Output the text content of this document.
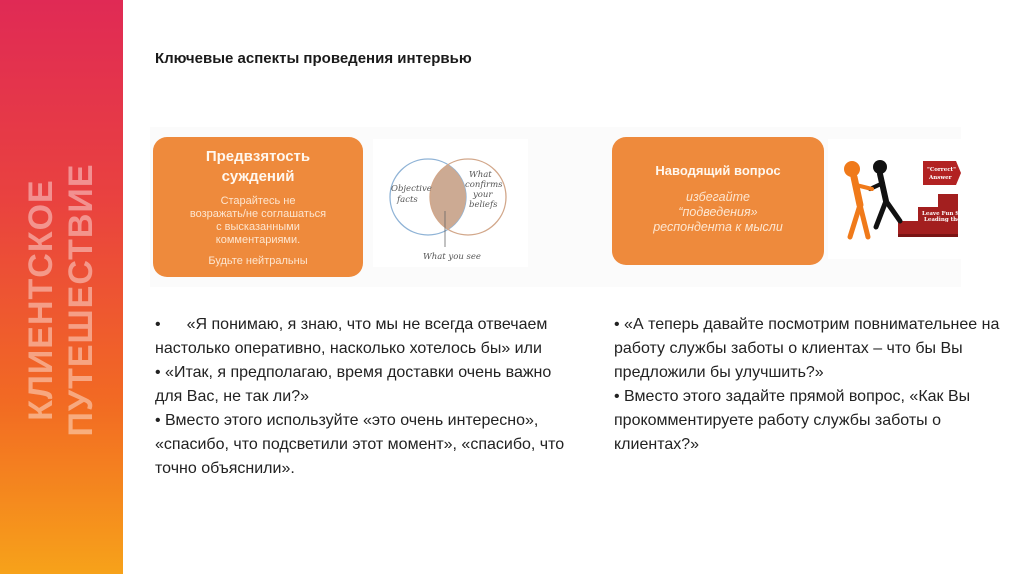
КЛИЕНТСКОЕ ПУТЕШЕСТВИЕ
Ключевые аспекты проведения интервью
Предвзятость
суждений
Старайтесь не
возражать/не соглашаться
с высказанными
комментариями.
Будьте нейтральны
Objective facts
What confirms your beliefs
What you see
Наводящий вопрос
избегайте
“подведения»
респондента к мысли
"Correct"
Answer
Leave Fun Sex Inc. Leading the Witness

• «Я понимаю, я знаю, что мы не всегда отвечаем настолько оперативно, насколько хотелось бы» или

• «Итак, я предполагаю, время доставки очень важно для Вас, не так ли?»

• Вместо этого используйте «это очень интересно», «спасибо, что подсветили этот момент», «спасибо, что точно объяснили».

• «А теперь давайте посмотрим повнимательнее на работу службы заботы о клиентах – что бы Вы предложили бы улучшить?»

• Вместо этого задайте прямой вопрос, «Как Вы прокомментируете работу службы заботы о клиентах?»
